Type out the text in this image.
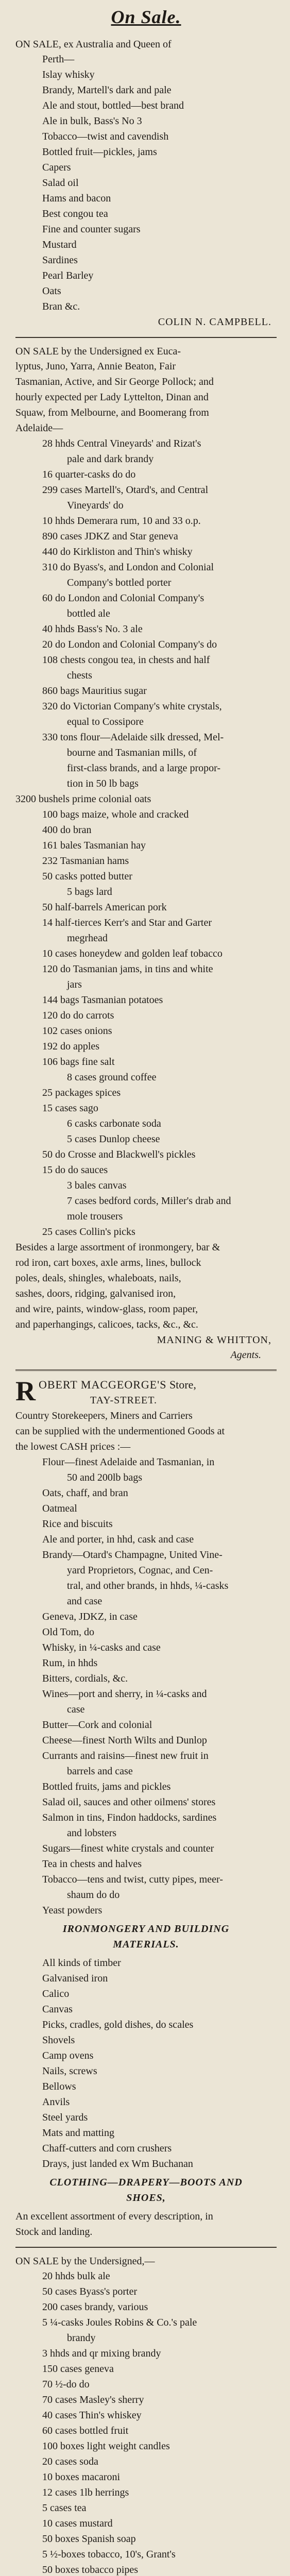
On Sale.
ON SALE, ex Australia and Queen of
Perth—
Islay whisky
Brandy, Martell's dark and pale
Ale and stout, bottled—best brand
Ale in bulk, Bass's No 3
Tobacco—twist and cavendish
Bottled fruit—pickles, jams
Capers
Salad oil
Hams and bacon
Best congou tea
Fine and counter sugars
Mustard
Sardines
Pearl Barley
Oats
Bran &c.
COLIN N. CAMPBELL.
ON SALE by the Undersigned ex Euca-
lyptus, Juno, Yarra, Annie Beaton, Fair
Tasmanian, Active, and Sir George Pollock; and
hourly expected per Lady Lyttelton, Dinan and
Squaw, from Melbourne, and Boomerang from
Adelaide—
28 hhds Central Vineyards' and Rizat's
pale and dark brandy
16 quarter-casks do do
299 cases Martell's, Otard's, and Central
Vineyards' do
10 hhds Demerara rum, 10 and 33 o.p.
890 cases JDKZ and Star geneva
440 do Kirkliston and Thin's whisky
310 do Byass's, and London and Colonial
Company's bottled porter
60 do London and Colonial Company's
bottled ale
40 hhds Bass's No. 3 ale
20 do London and Colonial Company's do
108 chests congou tea, in chests and half
chests
860 bags Mauritius sugar
320 do Victorian Company's white crystals,
equal to Cossipore
330 tons flour—Adelaide silk dressed, Mel-
bourne and Tasmanian mills, of
first-class brands, and a large propor-
tion in 50 lb bags
3200 bushels prime colonial oats
100 bags maize, whole and cracked
400 do bran
161 bales Tasmanian hay
232 Tasmanian hams
50 casks potted butter
5 bags lard
50 half-barrels American pork
14 half-tierces Kerr's and Star and Garter
megrhead
10 cases honeydew and golden leaf tobacco
120 do Tasmanian jams, in tins and white
jars
144 bags Tasmanian potatoes
120 do do carrots
102 cases onions
192 do apples
106 bags fine salt
8 cases ground coffee
25 packages spices
15 cases sago
6 casks carbonate soda
5 cases Dunlop cheese
50 do Crosse and Blackwell's pickles
15 do do sauces
3 bales canvas
7 cases bedford cords, Miller's drab and
mole trousers
25 cases Collin's picks
Besides a large assortment of ironmongery, bar &
rod iron, cart boxes, axle arms, lines, bullock
poles, deals, shingles, whaleboats, nails,
sashes, doors, ridging, galvanised iron,
and wire, paints, window-glass, room paper,
and paperhangings, calicoes, tacks, &c., &c.
MANING & WHITTON,
Agents.
R OBERT MACGEORGE'S Store,
TAY-STREET.
Country Storekeepers, Miners and Carriers
can be supplied with the undermentioned Goods at
the lowest CASH prices :—
Flour—finest Adelaide and Tasmanian, in
50 and 200lb bags
Oats, chaff, and bran
Oatmeal
Rice and biscuits
Ale and porter, in hhd, cask and case
Brandy—Otard's Champagne, United Vine-
yard Proprietors, Cognac, and Cen-
tral, and other brands, in hhds, ¼-casks
and case
Geneva, JDKZ, in case
Old Tom, do
Whisky, in ¼-casks and case
Rum, in hhds
Bitters, cordials, &c.
Wines—port and sherry, in ¼-casks and
case
Butter—Cork and colonial
Cheese—finest North Wilts and Dunlop
Currants and raisins—finest new fruit in
barrels and case
Bottled fruits, jams and pickles
Salad oil, sauces and other oilmens' stores
Salmon in tins, Findon haddocks, sardines
and lobsters
Sugars—finest white crystals and counter
Tea in chests and halves
Tobacco—tens and twist, cutty pipes, meer-
shaum do do
Yeast powders
IRONMONGERY AND BUILDING
MATERIALS.
All kinds of timber
Galvanised iron
Calico
Canvas
Picks, cradles, gold dishes, do scales
Shovels
Camp ovens
Nails, screws
Bellows
Anvils
Steel yards
Mats and matting
Chaff-cutters and corn crushers
Drays, just landed ex Wm Buchanan
CLOTHING—DRAPERY—BOOTS AND
SHOES,
An excellent assortment of every description, in
Stock and landing.
ON SALE by the Undersigned,—
20 hhds bulk ale
50 cases Byass's porter
200 cases brandy, various
5 ¼-casks Joules Robins & Co.'s pale
brandy
3 hhds and qr mixing brandy
150 cases geneva
70 ½-do do
70 cases Masley's sherry
40 cases Thin's whiskey
60 cases bottled fruit
100 boxes light weight candles
20 cases soda
10 boxes macaroni
12 cases 1lb herrings
5 cases tea
10 cases mustard
50 boxes Spanish soap
5 ½-boxes tobacco, 10's, Grant's
50 boxes tobacco pipes
